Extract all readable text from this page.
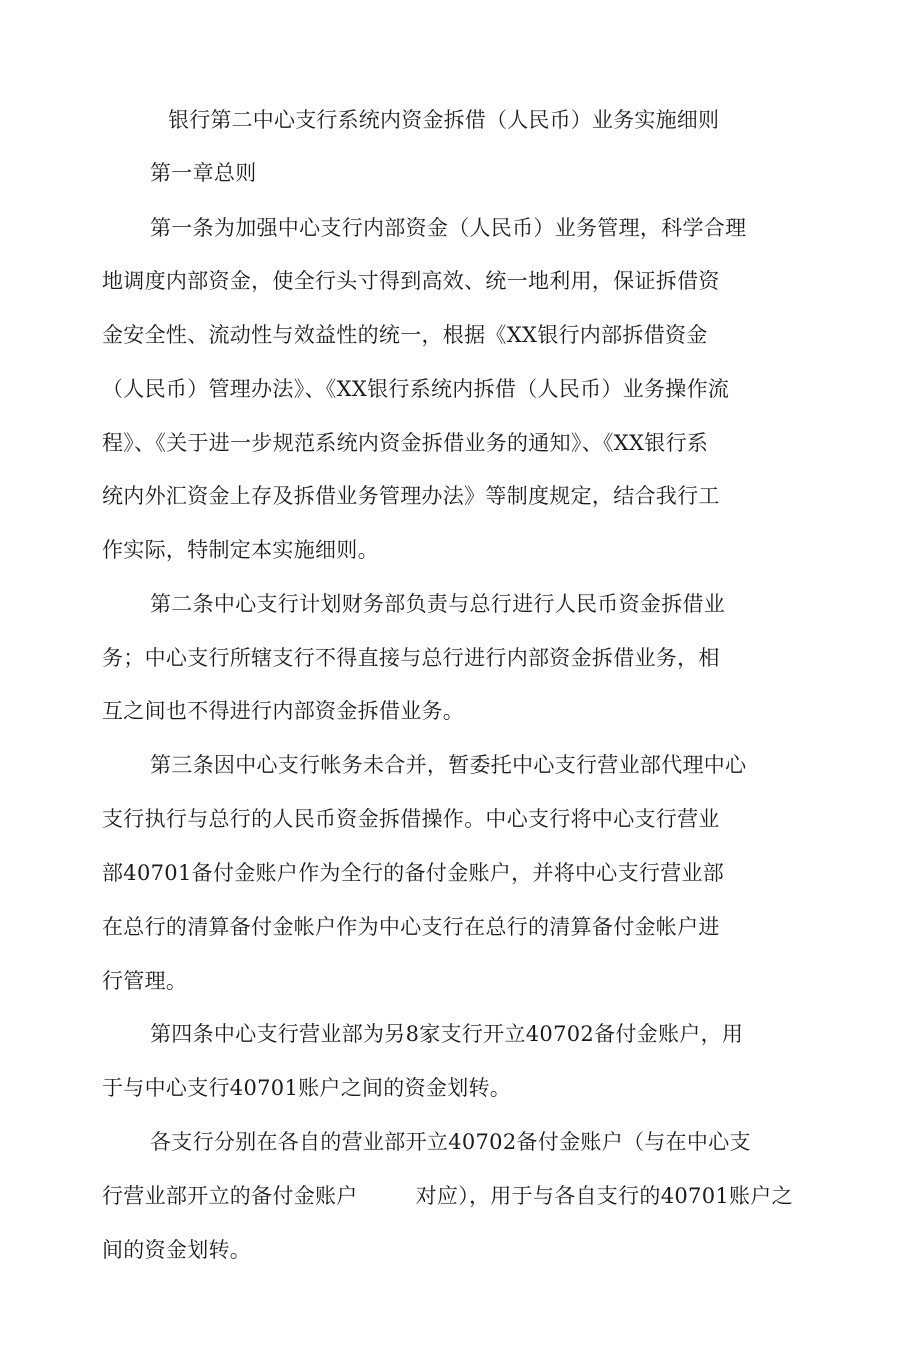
银行第二中心支行系统内资金拆借（人民币）业务实施细则
第一章总则
第一条为加强中心支行内部资金（人民币）业务管理，科学合理
地调度内部资金，使全行头寸得到高效、统一地利用，保证拆借资
金安全性、流动性与效益性的统一，根据《XX银行内部拆借资金
（人民币）管理办法》、《XX银行系统内拆借（人民币）业务操作流
程》、《关于进一步规范系统内资金拆借业务的通知》、《XX银行系
统内外汇资金上存及拆借业务管理办法》等制度规定，结合我行工
作实际，特制定本实施细则。
第二条中心支行计划财务部负责与总行进行人民币资金拆借业
务；中心支行所辖支行不得直接与总行进行内部资金拆借业务，相
互之间也不得进行内部资金拆借业务。
第三条因中心支行帐务未合并，暂委托中心支行营业部代理中心
支行执行与总行的人民币资金拆借操作。中心支行将中心支行营业
部40701备付金账户作为全行的备付金账户，并将中心支行营业部
在总行的清算备付金帐户作为中心支行在总行的清算备付金帐户进
行管理。
第四条中心支行营业部为另8家支行开立40702备付金账户，用
于与中心支行40701账户之间的资金划转。
各支行分别在各自的营业部开立40702备付金账户（与在中心支
行营业部开立的备付金账户	对应），用于与各自支行的40701账户之
间的资金划转。
